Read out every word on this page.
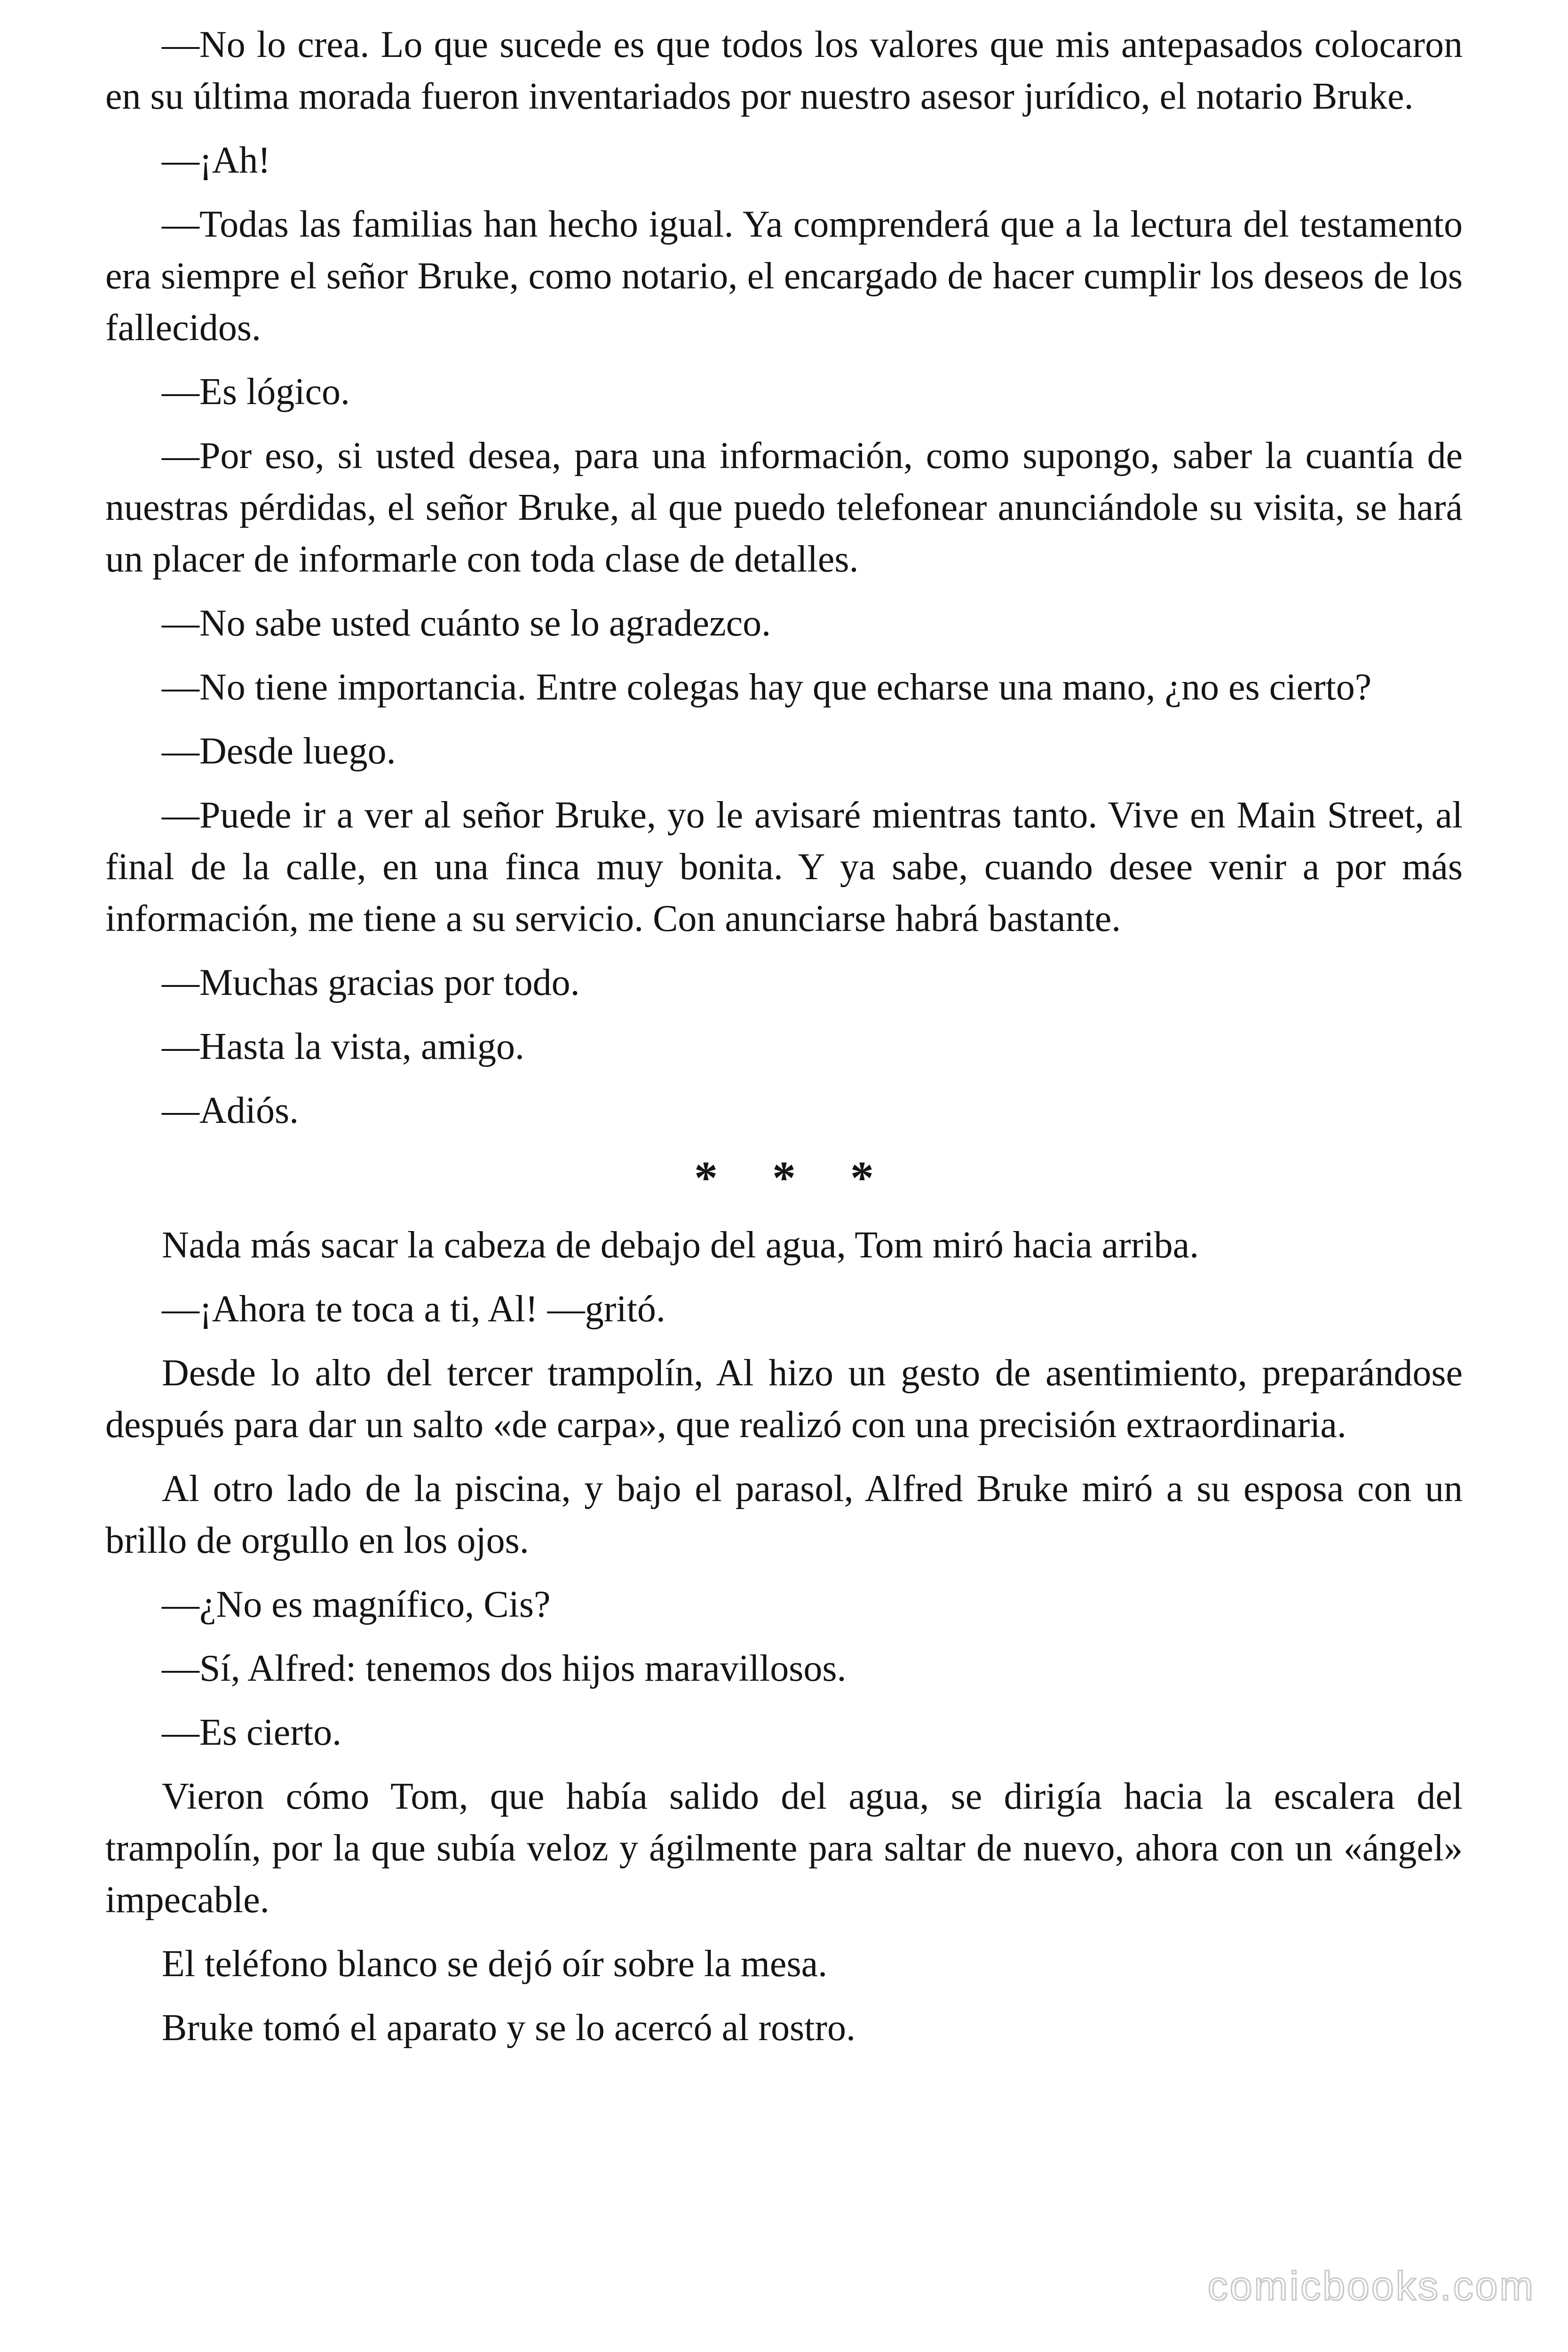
—No lo crea. Lo que sucede es que todos los valores que mis antepasados colocaron en su última morada fueron inventariados por nuestro asesor jurídico, el notario Bruke.

—¡Ah!

—Todas las familias han hecho igual. Ya comprenderá que a la lectura del testamento era siempre el señor Bruke, como notario, el encargado de hacer cumplir los deseos de los fallecidos.

—Es lógico.

—Por eso, si usted desea, para una información, como supongo, saber la cuantía de nuestras pérdidas, el señor Bruke, al que puedo telefonear anunciándole su visita, se hará un placer de informarle con toda clase de detalles.

—No sabe usted cuánto se lo agradezco.

—No tiene importancia. Entre colegas hay que echarse una mano, ¿no es cierto?

—Desde luego.

—Puede ir a ver al señor Bruke, yo le avisaré mientras tanto. Vive en Main Street, al final de la calle, en una finca muy bonita. Y ya sabe, cuando desee venir a por más información, me tiene a su servicio. Con anunciarse habrá bastante.

—Muchas gracias por todo.

—Hasta la vista, amigo.

—Adiós.

* * *

Nada más sacar la cabeza de debajo del agua, Tom miró hacia arriba.

—¡Ahora te toca a ti, Al! —gritó.

Desde lo alto del tercer trampolín, Al hizo un gesto de asentimiento, preparándose después para dar un salto «de carpa», que realizó con una precisión extraordinaria.

Al otro lado de la piscina, y bajo el parasol, Alfred Bruke miró a su esposa con un brillo de orgullo en los ojos.

—¿No es magnífico, Cis?

—Sí, Alfred: tenemos dos hijos maravillosos.

—Es cierto.

Vieron cómo Tom, que había salido del agua, se dirigía hacia la escalera del trampolín, por la que subía veloz y ágilmente para saltar de nuevo, ahora con un «ángel» impecable.

El teléfono blanco se dejó oír sobre la mesa.

Bruke tomó el aparato y se lo acercó al rostro.

comicbooks.com
